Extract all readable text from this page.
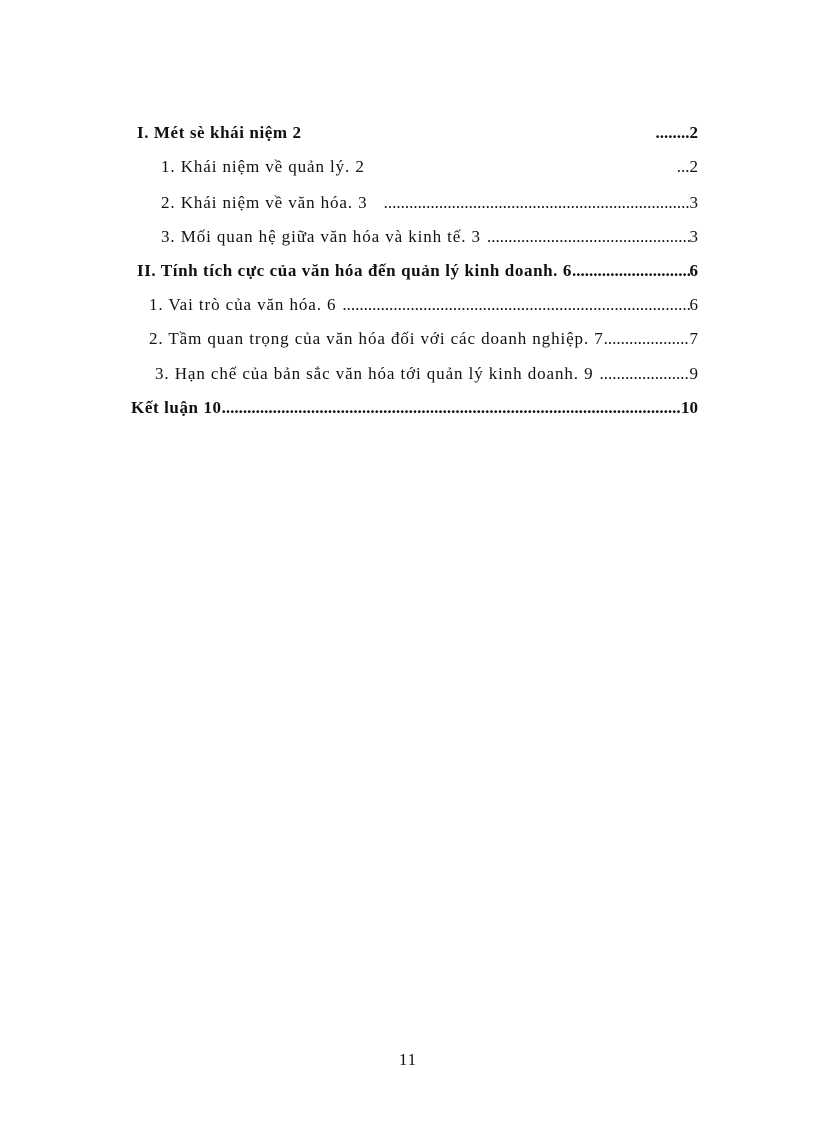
I. Mét sè khái niệm 2	........ 2
1. Khái niệm về quản lý. 2	... 2
2. Khái niệm về văn hóa. 3 .....	3
3. Mối quan hệ giữa văn hóa và kinh tế. 3 .....	3
II. Tính tích cực của văn hóa đến quản lý kinh doanh. 6 .....	6
1. Vai trò của văn hóa. 6 .....	6
2. Tầm quan trọng của văn hóa đối với các doanh nghiệp. 7 .....	7
3. Hạn chế của bản sắc văn hóa tới quản lý kinh doanh. 9 .....	9
Kết luận 10 .....	10
11
